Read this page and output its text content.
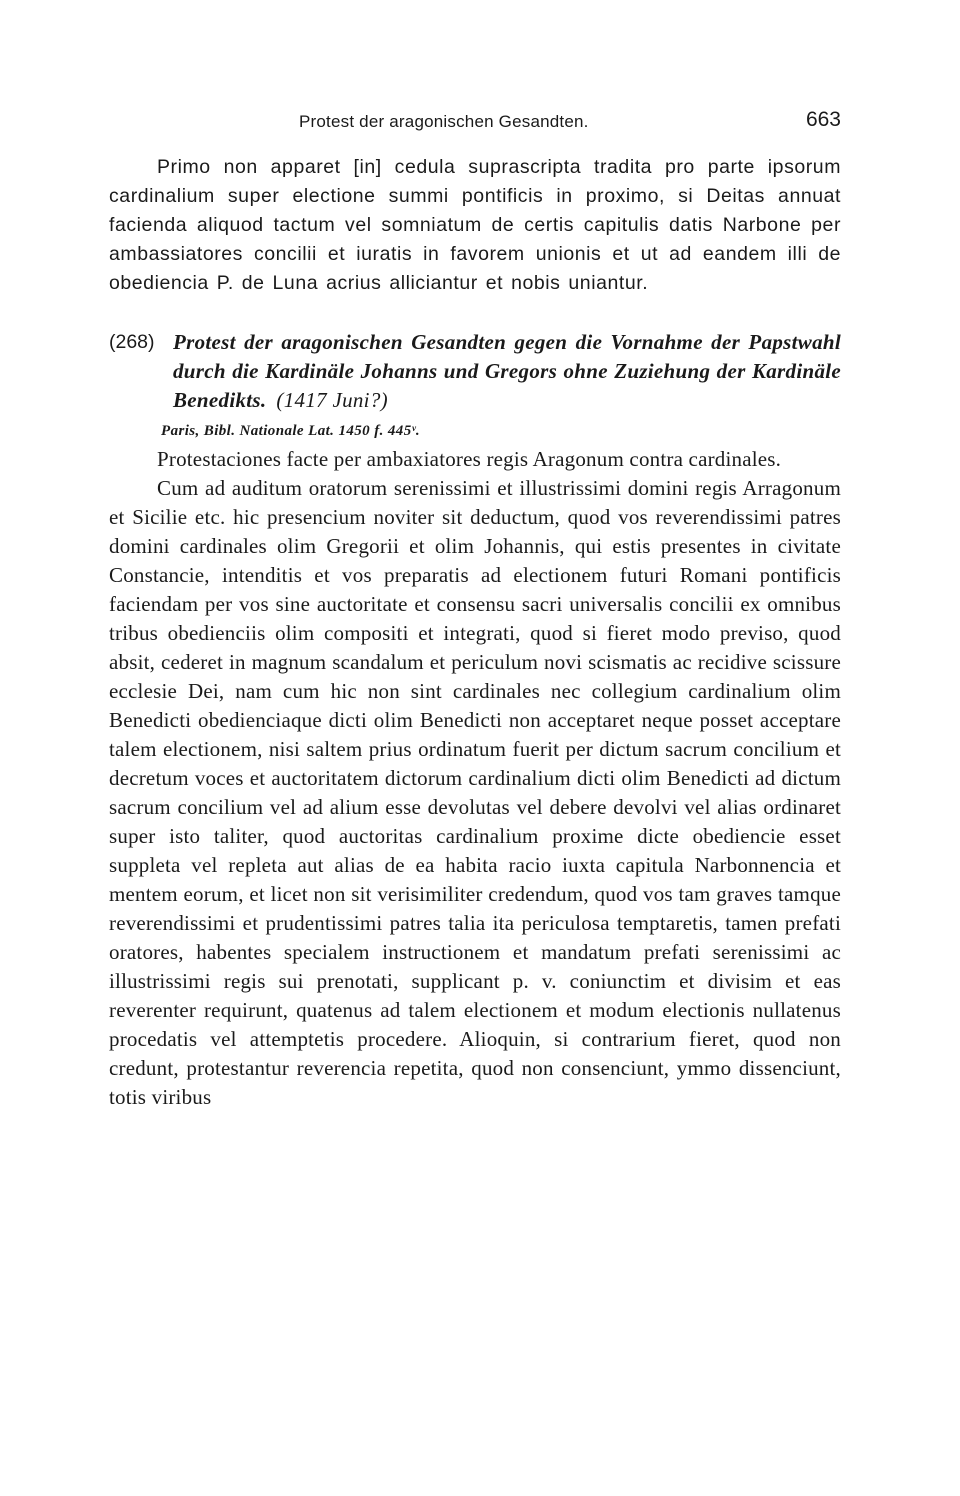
Protest der aragonischen Gesandten.	663

Primo non apparet [in] cedula suprascripta tradita pro parte ipsorum cardinalium super electione summi pontificis in proximo, si Deitas annuat facienda aliquod tactum vel somniatum de certis capitulis datis Narbone per ambassiatores concilii et iuratis in favorem unionis et ut ad eandem illi de obediencia P. de Luna acrius alliciantur et nobis uniantur.

(268) Protest der aragonischen Gesandten gegen die Vornahme der Papstwahl durch die Kardinäle Johanns und Gregors ohne Zuziehung der Kardinäle Benedikts. (1417 Juni?)
Paris, Bibl. Nationale Lat. 1450 f. 445ᵛ.

Protestaciones facte per ambaxiatores regis Aragonum contra cardinales.

Cum ad auditum oratorum serenissimi et illustrissimi domini regis Arragonum et Sicilie etc. hic presencium noviter sit deductum, quod vos reverendissimi patres domini cardinales olim Gregorii et olim Johannis, qui estis presentes in civitate Constancie, intenditis et vos preparatis ad electionem futuri Romani pontificis faciendam per vos sine auctoritate et consensu sacri universalis concilii ex omnibus tribus obedienciis olim compositi et integrati, quod si fieret modo previso, quod absit, cederet in magnum scandalum et periculum novi scismatis ac recidive scissure ecclesie Dei, nam cum hic non sint cardinales nec collegium cardinalium olim Benedicti obedienciaque dicti olim Benedicti non acceptaret neque posset acceptare talem electionem, nisi saltem prius ordinatum fuerit per dictum sacrum concilium et decretum voces et auctoritatem dictorum cardinalium dicti olim Benedicti ad dictum sacrum concilium vel ad alium esse devolutas vel debere devolvi vel alias ordinaret super isto taliter, quod auctoritas cardinalium proxime dicte obediencie esset suppleta vel repleta aut alias de ea habita racio iuxta capitula Narbonnencia et mentem eorum, et licet non sit verisimiliter credendum, quod vos tam graves tamque reverendissimi et prudentissimi patres talia ita periculosa temptaretis, tamen prefati oratores, habentes specialem instructionem et mandatum prefati serenissimi ac illustrissimi regis sui prenotati, supplicant p. v. coniunctim et divisim et eas reverenter requirunt, quatenus ad talem electionem et modum electionis nullatenus procedatis vel attemptetis procedere. Alioquin, si contrarium fieret, quod non credunt, protestantur reverencia repetita, quod non consenciunt, ymmo dissenciunt, totis viribus
